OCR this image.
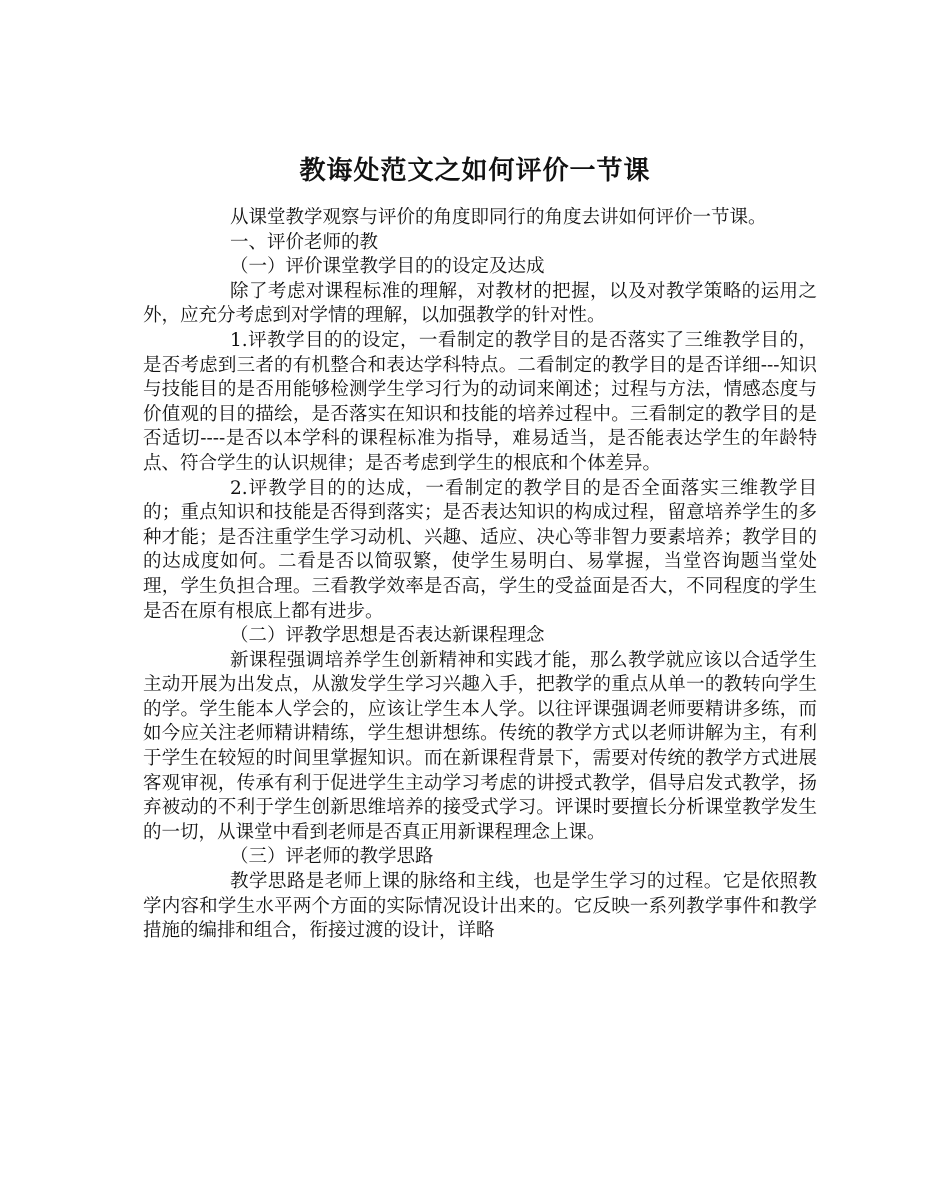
教诲处范文之如何评价一节课

从课堂教学观察与评价的角度即同行的角度去讲如何评价一节课。

一、评价老师的教

（一）评价课堂教学目的的设定及达成

除了考虑对课程标准的理解，对教材的把握，以及对教学策略的运用之外，应充分考虑到对学情的理解，以加强教学的针对性。

1.评教学目的的设定，一看制定的教学目的是否落实了三维教学目的，是否考虑到三者的有机整合和表达学科特点。二看制定的教学目的是否详细---知识与技能目的是否用能够检测学生学习行为的动词来阐述；过程与方法，情感态度与价值观的目的描绘，是否落实在知识和技能的培养过程中。三看制定的教学目的是否适切----是否以本学科的课程标准为指导，难易适当，是否能表达学生的年龄特点、符合学生的认识规律；是否考虑到学生的根底和个体差异。

2.评教学目的的达成，一看制定的教学目的是否全面落实三维教学目的；重点知识和技能是否得到落实；是否表达知识的构成过程，留意培养学生的多种才能；是否注重学生学习动机、兴趣、适应、决心等非智力要素培养；教学目的的达成度如何。二看是否以简驭繁，使学生易明白、易掌握，当堂咨询题当堂处理，学生负担合理。三看教学效率是否高，学生的受益面是否大，不同程度的学生是否在原有根底上都有进步。

（二）评教学思想是否表达新课程理念

新课程强调培养学生创新精神和实践才能，那么教学就应该以合适学生主动开展为出发点，从激发学生学习兴趣入手，把教学的重点从单一的教转向学生的学。学生能本人学会的，应该让学生本人学。以往评课强调老师要精讲多练，而如今应关注老师精讲精练，学生想讲想练。传统的教学方式以老师讲解为主，有利于学生在较短的时间里掌握知识。而在新课程背景下，需要对传统的教学方式进展客观审视，传承有利于促进学生主动学习考虑的讲授式教学，倡导启发式教学，扬弃被动的不利于学生创新思维培养的接受式学习。评课时要擅长分析课堂教学发生的一切，从课堂中看到老师是否真正用新课程理念上课。

（三）评老师的教学思路

教学思路是老师上课的脉络和主线，也是学生学习的过程。它是依照教学内容和学生水平两个方面的实际情况设计出来的。它反映一系列教学事件和教学措施的编排和组合，衔接过渡的设计，详略
